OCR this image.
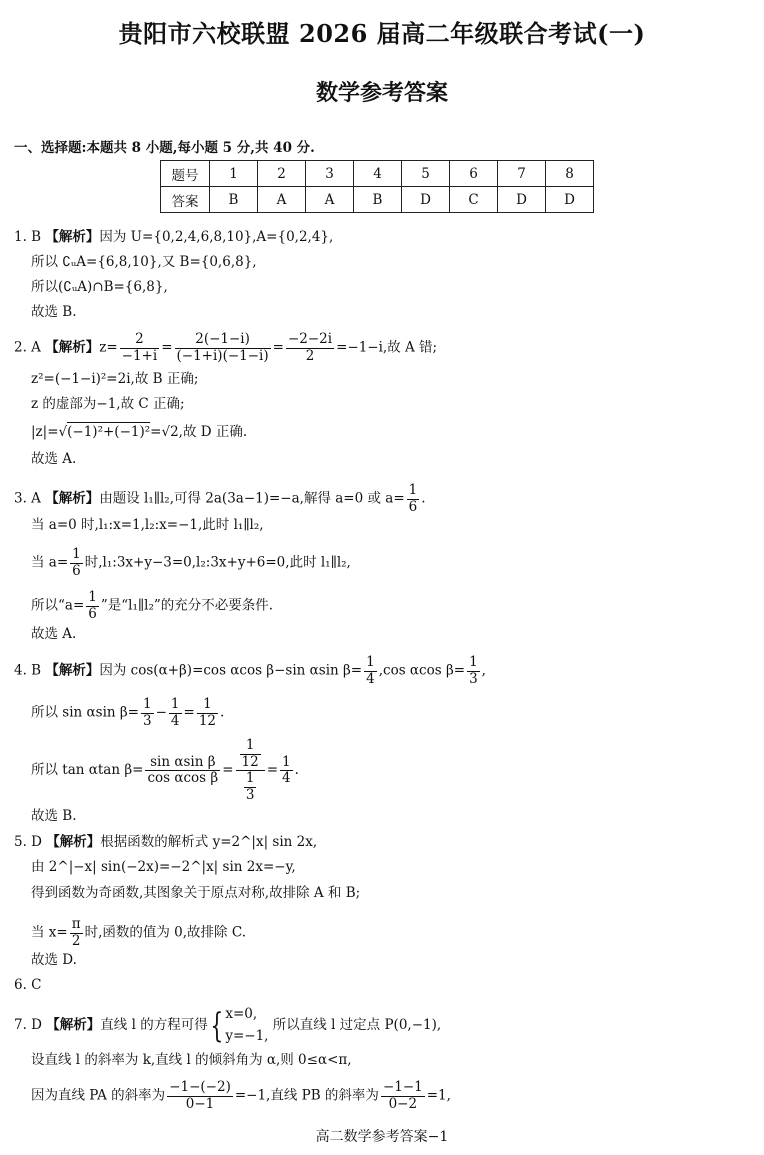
贵阳市六校联盟 2026 届高二年级联合考试(一)
数学参考答案
一、选择题:本题共 8 小题,每小题 5 分,共 40 分.
题号	1	2	3	4	5	6	7	8
答案	B	A	A	B	D	C	D	D
1. B 【解析】因为 U={0,2,4,6,8,10},A={0,2,4},
所以 ∁ᵤA={6,8,10},又 B={0,6,8},
所以(∁ᵤA)∩B={6,8},
故选 B.
2. A 【解析】$z= \frac{2}{-1+i} = \frac{2(-1-i)}{(-1+i)(-1-i)} = \frac{-2-2i}{2} =-1-i$,故 A 错;
z²=(−1−i)²=2i,故 B 正确;
z 的虚部为−1,故 C 正确;
|z|=√(−1)²+(−1)²=√2,故 D 正确.
故选 A.
3. A 【解析】由题设 l₁∥l₂,可得 2a(3a−1)=−a,解得 a=0 或 $a= \frac{1}{6}$ .
当 a=0 时,l₁:x=1,l₂:x=−1,此时 l₁∥l₂,
当 $a= \frac{1}{6}$ 时,l₁:3x+y−3=0,l₂:3x+y+6=0,此时 l₁∥l₂,
所以“$a= \frac{1}{6}$ ”是“l₁∥l₂”的充分不必要条件.
故选 A.
4. B 【解析】因为 cos(α+β)=cos αcos β−sin αsin $\beta= \frac{1}{4} ,\cos$ αcos $\beta= \frac{1}{3}$ ,
所以 sin αsin $\beta= \frac{1}{3} - \frac{1}{4} = \frac{1}{12}$ .
所以 tan αtan $\beta= \frac{\text{sin αsin β}}{\text{cos αcos β}} = \frac{\frac{1}{12}}{\frac{1}{3}} = \frac{1}{4}$ .
故选 B.
5. D 【解析】根据函数的解析式 y=2^|x| sin 2x,
由 2^|−x| sin(−2x)=−2^|x| sin 2x=−y,
得到函数为奇函数,其图象关于原点对称,故排除 A 和 B;
当 $x= \frac{\pi}{2}$ 时,函数的值为 0,故排除 C.
故选 D.
6. C
7. D 【解析】直线 l 的方程可得{ x=0,
y=−1,
所以直线 l 过定点 P(0,−1),
设直线 l 的斜率为 k,直线 l 的倾斜角为 α,则 0≤α<π,
因为直线 PA 的斜率为 $\frac{-1-(-2)}{0-1} =-1$,直线 PB 的斜率为 $\frac{-1-1}{0-2} =1$,
高二数学参考答案−1
